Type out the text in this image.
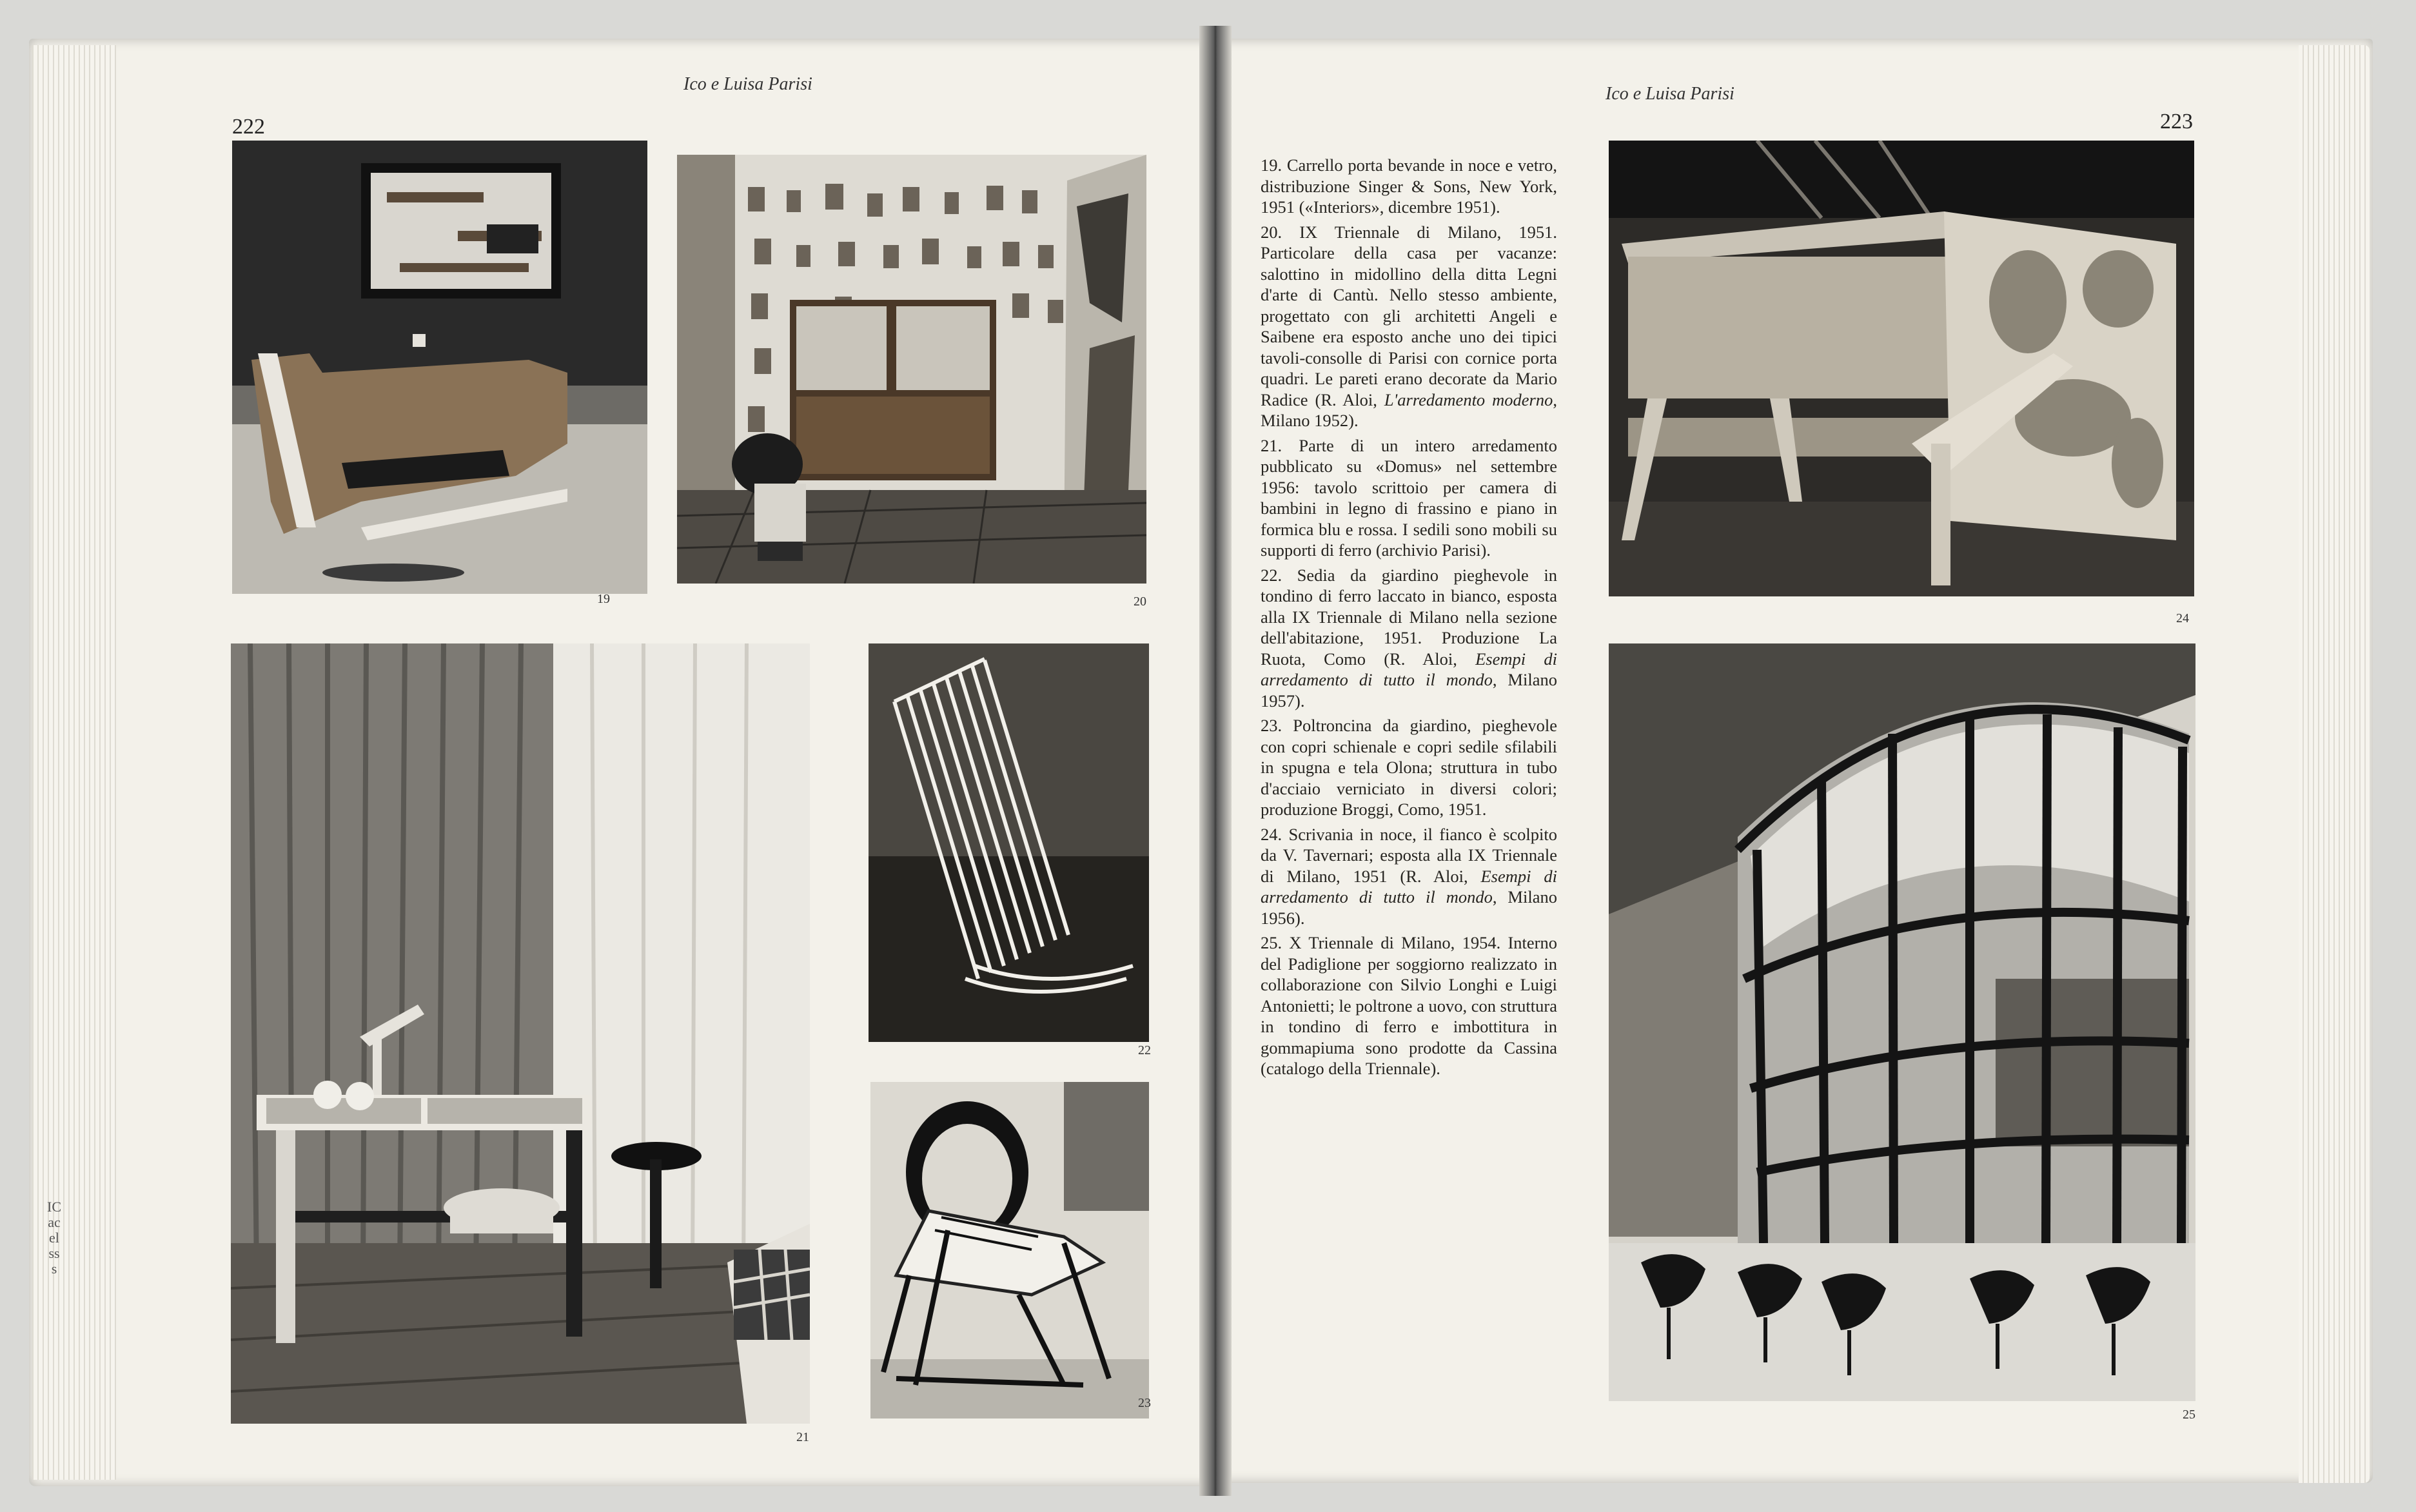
Ico e Luisa Parisi	Ico e Luisa Parisi
222	223
19	20
21
22
23

19. Carrello porta bevande in noce e vetro, distribuzione Singer & Sons, New York, 1951 («Interiors», dicembre 1951).

20. IX Triennale di Milano, 1951. Particolare della casa per vacanze: salottino in midollino della ditta Legni d'arte di Cantù. Nello stesso ambiente, progettato con gli architetti Angeli e Saibene era esposto anche uno dei tipici tavoli-consolle di Parisi con cornice porta quadri. Le pareti erano decorate da Mario Radice (R. Aloi, L'arredamento moderno, Milano 1952).

21. Parte di un intero arredamento pubblicato su «Domus» nel settembre 1956: tavolo scrittoio per camera di bambini in legno di frassino e piano in formica blu e rossa. I sedili sono mobili su supporti di ferro (archivio Parisi).

22. Sedia da giardino pieghevole in tondino di ferro laccato in bianco, esposta alla IX Triennale di Milano nella sezione dell'abitazione, 1951. Produzione La Ruota, Como (R. Aloi, Esempi di arredamento di tutto il mondo, Milano 1957).

23. Poltroncina da giardino, pieghevole con copri schienale e copri sedile sfilabili in spugna e tela Olona; struttura in tubo d'acciaio verniciato in diversi colori; produzione Broggi, Como, 1951.

24. Scrivania in noce, il fianco è scolpito da V. Tavernari; esposta alla IX Triennale di Milano, 1951 (R. Aloi, Esempi di arredamento di tutto il mondo, Milano 1956).

25. X Triennale di Milano, 1954. Interno del Padiglione per soggiorno realizzato in collaborazione con Silvio Longhi e Luigi Antonietti; le poltrone a uovo, con struttura in tondino di ferro e imbottitura in gommapiuma sono prodotte da Cassina (catalogo della Triennale).

24
25
ICacelsss
